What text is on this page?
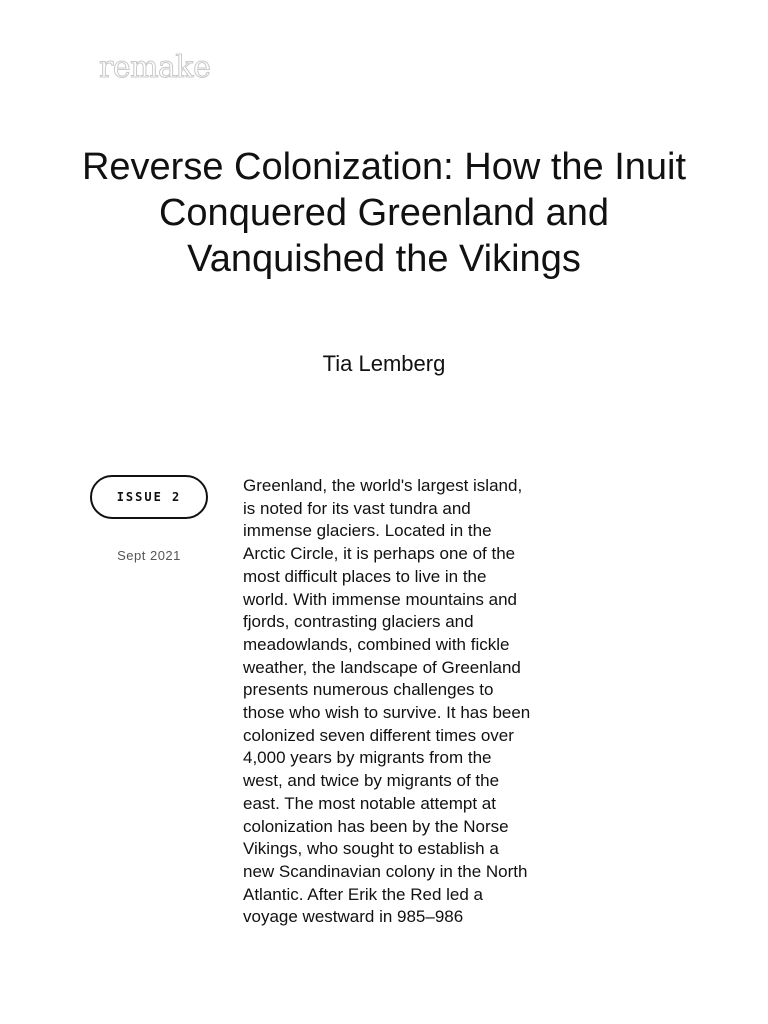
remake
Reverse Colonization: How the Inuit Conquered Greenland and Vanquished the Vikings
Tia Lemberg
ISSUE 2
Sept 2021

Greenland, the world's largest island, is noted for its vast tundra and immense glaciers. Located in the Arctic Circle, it is perhaps one of the most difficult places to live in the world. With immense mountains and fjords, contrasting glaciers and meadowlands, combined with fickle weather, the landscape of Greenland presents numerous challenges to those who wish to survive. It has been colonized seven different times over 4,000 years by migrants from the west, and twice by migrants of the east. The most notable attempt at colonization has been by the Norse Vikings, who sought to establish a new Scandinavian colony in the North Atlantic. After Erik the Red led a voyage westward in 985–986
